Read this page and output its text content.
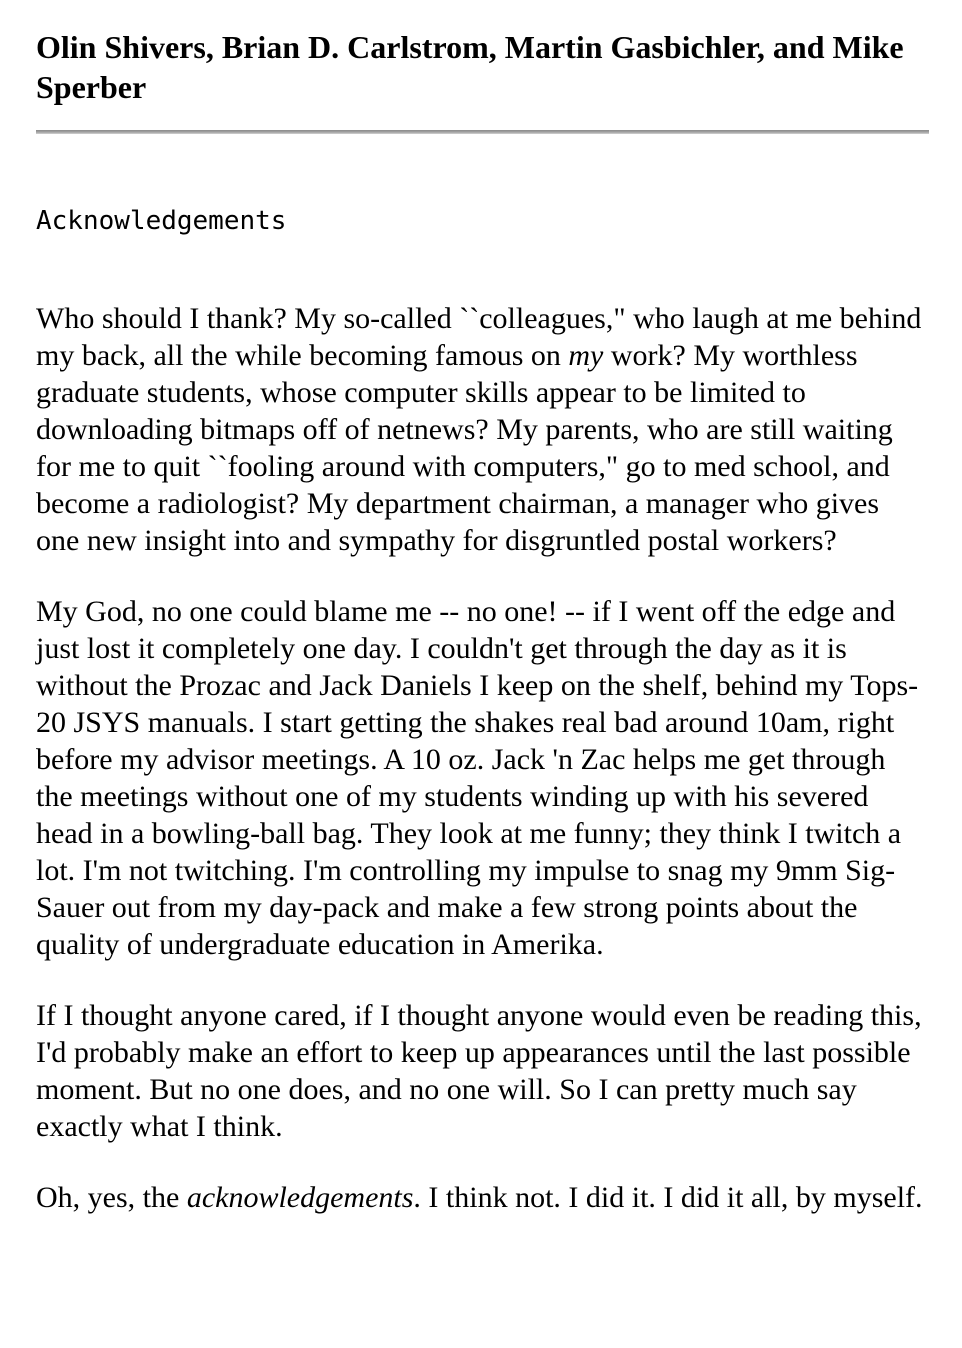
Olin Shivers, Brian D. Carlstrom, Martin Gasbichler, and Mike Sperber
Acknowledgements

Who should I thank? My so-called ``colleagues," who laugh at me behind my back, all the while becoming famous on my work? My worthless graduate students, whose computer skills appear to be limited to downloading bitmaps off of netnews? My parents, who are still waiting for me to quit ``fooling around with computers," go to med school, and become a radiologist? My department chairman, a manager who gives one new insight into and sympathy for disgruntled postal workers?

My God, no one could blame me -- no one! -- if I went off the edge and just lost it completely one day. I couldn't get through the day as it is without the Prozac and Jack Daniels I keep on the shelf, behind my Tops-20 JSYS manuals. I start getting the shakes real bad around 10am, right before my advisor meetings. A 10 oz. Jack 'n Zac helps me get through the meetings without one of my students winding up with his severed head in a bowling-ball bag. They look at me funny; they think I twitch a lot. I'm not twitching. I'm controlling my impulse to snag my 9mm Sig-Sauer out from my day-pack and make a few strong points about the quality of undergraduate education in Amerika.

If I thought anyone cared, if I thought anyone would even be reading this, I'd probably make an effort to keep up appearances until the last possible moment. But no one does, and no one will. So I can pretty much say exactly what I think.

Oh, yes, the acknowledgements. I think not. I did it. I did it all, by myself.
